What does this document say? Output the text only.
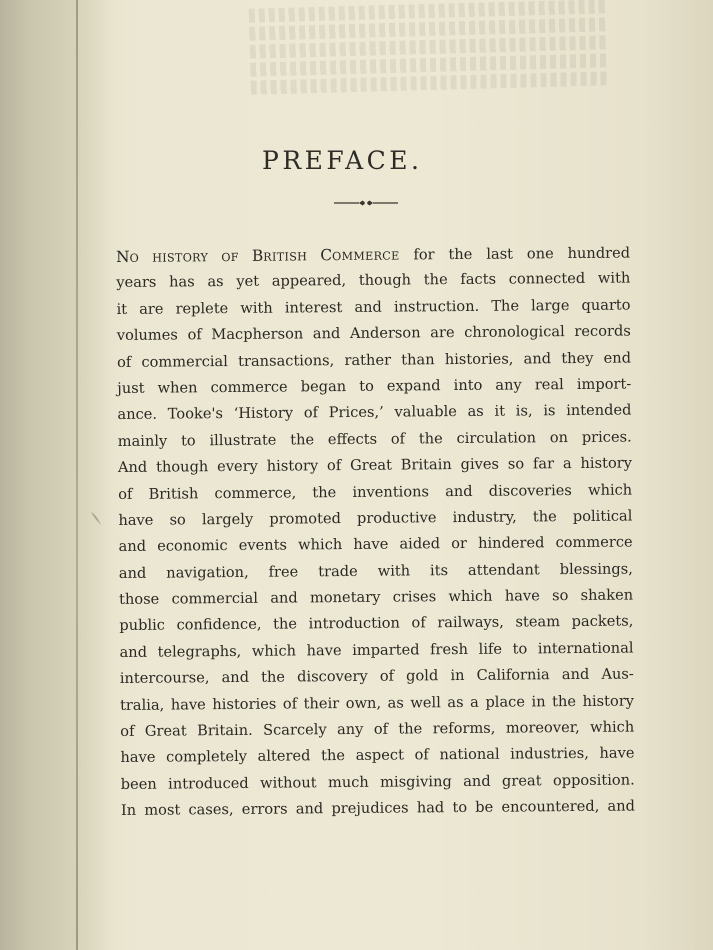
PREFACE.
NO HISTORY OF BRITISH COMMERCE for the last one hundred
years has as yet appeared, though the facts connected with
it are replete with interest and instruction. The large quarto
volumes of Macpherson and Anderson are chronological records
of commercial transactions, rather than histories, and they end
just when commerce began to expand into any real import-
ance. Tooke's ‘History of Prices,’ valuable as it is, is intended
mainly to illustrate the effects of the circulation on prices.
And though every history of Great Britain gives so far a history
of British commerce, the inventions and discoveries which
have so largely promoted productive industry, the political
and economic events which have aided or hindered commerce
and navigation, free trade with its attendant blessings,
those commercial and monetary crises which have so shaken
public confidence, the introduction of railways, steam packets,
and telegraphs, which have imparted fresh life to international
intercourse, and the discovery of gold in California and Aus-
tralia, have histories of their own, as well as a place in the history
of Great Britain. Scarcely any of the reforms, moreover, which
have completely altered the aspect of national industries, have
been introduced without much misgiving and great opposition.
In most cases, errors and prejudices had to be encountered, and
